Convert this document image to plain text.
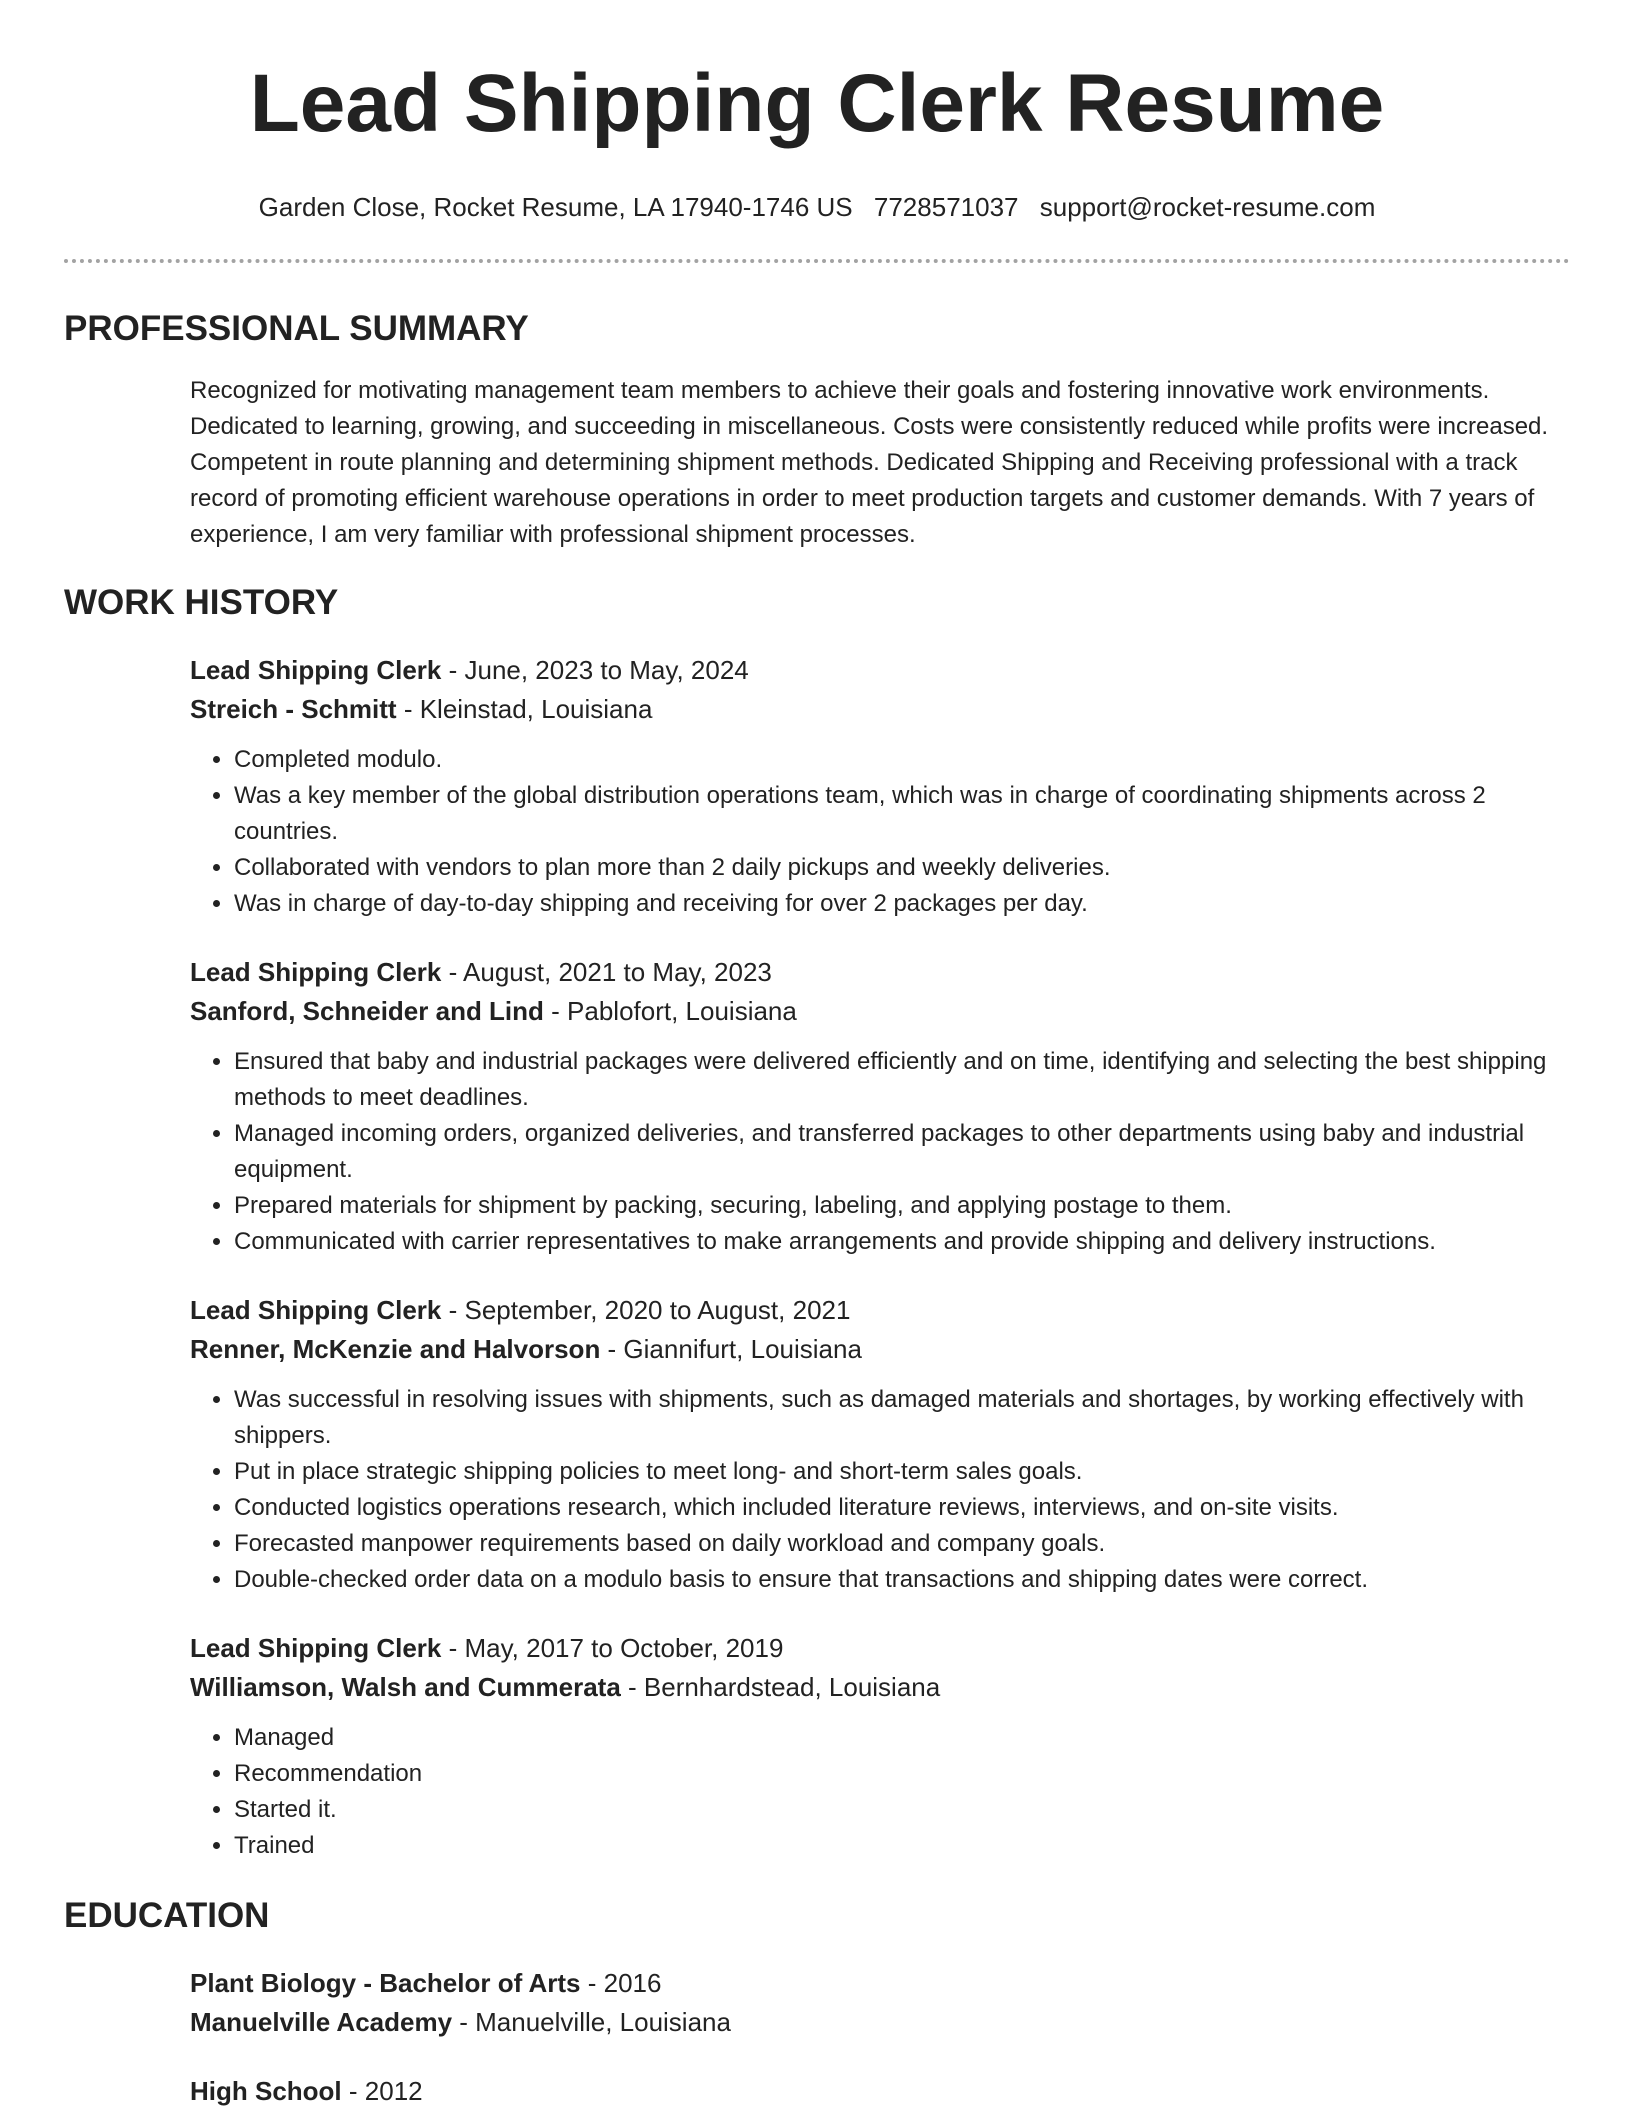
Lead Shipping Clerk Resume
Garden Close, Rocket Resume, LA 17940-1746 US 7728571037 support@rocket-resume.com
PROFESSIONAL SUMMARY

Recognized for motivating management team members to achieve their goals and fostering innovative work environments. Dedicated to learning, growing, and succeeding in miscellaneous. Costs were consistently reduced while profits were increased. Competent in route planning and determining shipment methods. Dedicated Shipping and Receiving professional with a track record of promoting efficient warehouse operations in order to meet production targets and customer demands. With 7 years of experience, I am very familiar with professional shipment processes.

WORK HISTORY
Lead Shipping Clerk - June, 2023 to May, 2024
Streich - Schmitt - Kleinstad, Louisiana
• Completed modulo.
• Was a key member of the global distribution operations team, which was in charge of coordinating shipments across 2 countries.
• Collaborated with vendors to plan more than 2 daily pickups and weekly deliveries.
• Was in charge of day-to-day shipping and receiving for over 2 packages per day.
Lead Shipping Clerk - August, 2021 to May, 2023
Sanford, Schneider and Lind - Pablofort, Louisiana
• Ensured that baby and industrial packages were delivered efficiently and on time, identifying and selecting the best shipping methods to meet deadlines.
• Managed incoming orders, organized deliveries, and transferred packages to other departments using baby and industrial equipment.
• Prepared materials for shipment by packing, securing, labeling, and applying postage to them.
• Communicated with carrier representatives to make arrangements and provide shipping and delivery instructions.
Lead Shipping Clerk - September, 2020 to August, 2021
Renner, McKenzie and Halvorson - Giannifurt, Louisiana
• Was successful in resolving issues with shipments, such as damaged materials and shortages, by working effectively with shippers.
• Put in place strategic shipping policies to meet long- and short-term sales goals.
• Conducted logistics operations research, which included literature reviews, interviews, and on-site visits.
• Forecasted manpower requirements based on daily workload and company goals.
• Double-checked order data on a modulo basis to ensure that transactions and shipping dates were correct.
Lead Shipping Clerk - May, 2017 to October, 2019
Williamson, Walsh and Cummerata - Bernhardstead, Louisiana
• Managed
• Recommendation
• Started it.
• Trained
EDUCATION
Plant Biology - Bachelor of Arts - 2016
Manuelville Academy - Manuelville, Louisiana
High School - 2012
